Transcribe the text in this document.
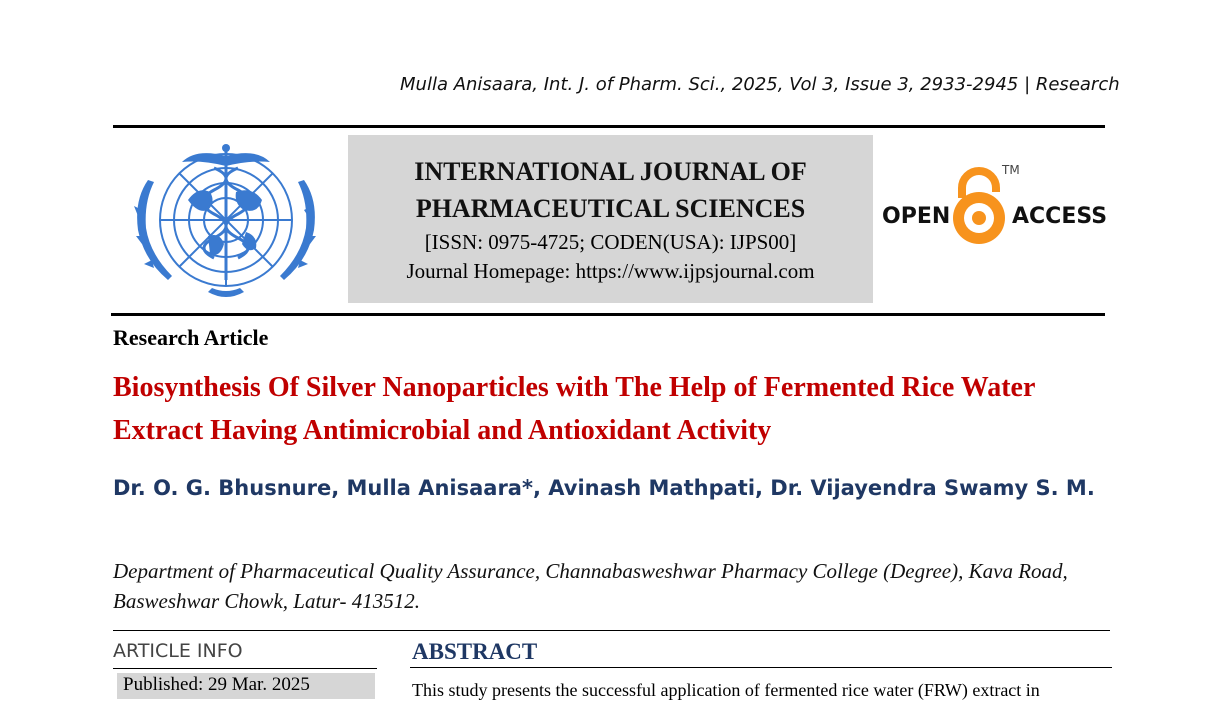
Mulla Anisaara, Int. J. of Pharm. Sci., 2025, Vol 3, Issue 3, 2933-2945 | Research
INTERNATIONAL JOURNAL OF
PHARMACEUTICAL SCIENCES
[ISSN: 0975-4725; CODEN(USA): IJPS00]
Journal Homepage: https://www.ijpsjournal.com
OPEN
TM
ACCESS
Research Article
Biosynthesis Of Silver Nanoparticles with The Help of Fermented Rice Water Extract Having Antimicrobial and Antioxidant Activity
Dr. O. G. Bhusnure, Mulla Anisaara*, Avinash Mathpati, Dr. Vijayendra Swamy S. M.
Department of Pharmaceutical Quality Assurance, Channabasweshwar Pharmacy College (Degree), Kava Road, Basweshwar Chowk, Latur- 413512.
ARTICLE INFO
Published: 29 Mar. 2025
ABSTRACT
This study presents the successful application of fermented rice water (FRW) extract in
